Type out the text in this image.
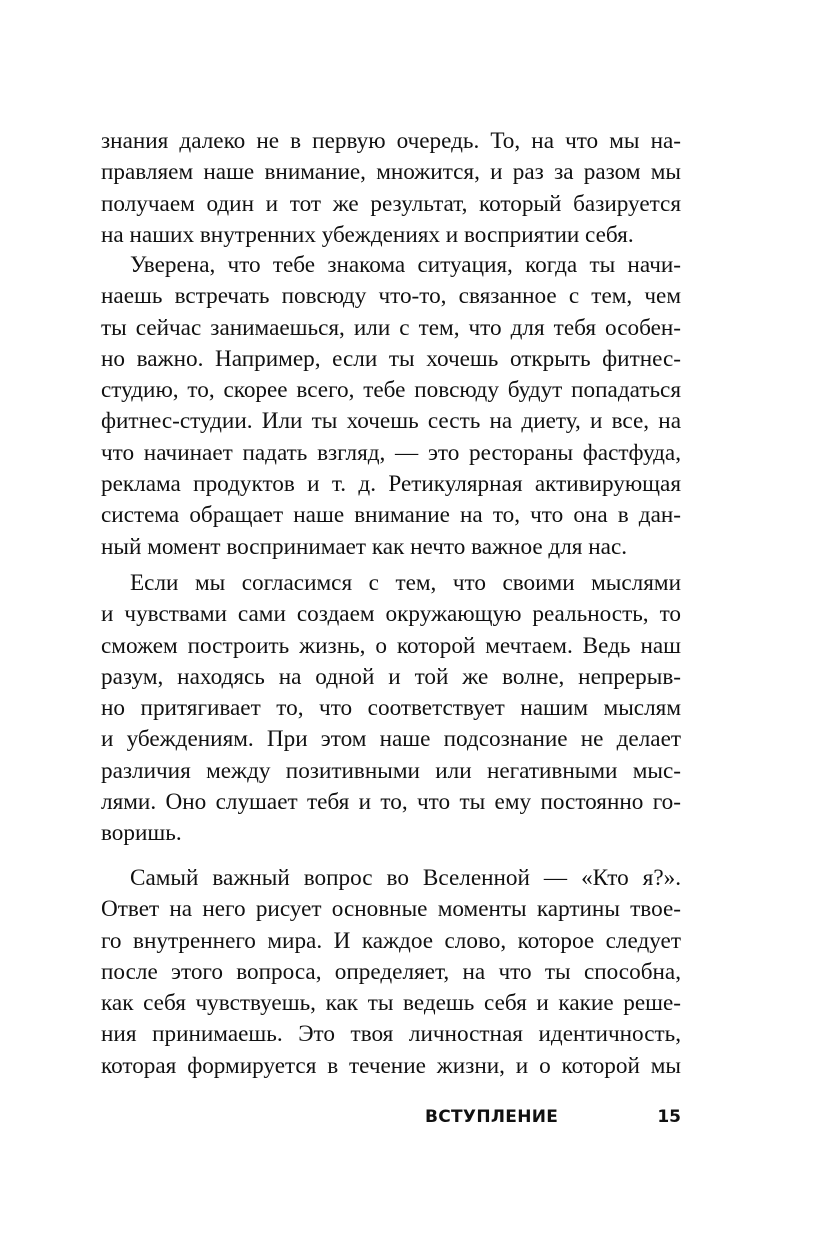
знания далеко не в первую очередь. То, на что мы на-
правляем наше внимание, множится, и раз за разом мы
получаем один и тот же результат, который базируется
на наших внутренних убеждениях и восприятии себя.
Уверена, что тебе знакома ситуация, когда ты начи-
наешь встречать повсюду что-то, связанное с тем, чем
ты сейчас занимаешься, или с тем, что для тебя особен-
но важно. Например, если ты хочешь открыть фитнес-
студию, то, скорее всего, тебе повсюду будут попадаться
фитнес-студии. Или ты хочешь сесть на диету, и все, на
что начинает падать взгляд, — это рестораны фастфуда,
реклама продуктов и т. д. Ретикулярная активирующая
система обращает наше внимание на то, что она в дан-
ный момент воспринимает как нечто важное для нас.
Если мы согласимся с тем, что своими мыслями
и чувствами сами создаем окружающую реальность, то
сможем построить жизнь, о которой мечтаем. Ведь наш
разум, находясь на одной и той же волне, непрерыв-
но притягивает то, что соответствует нашим мыслям
и убеждениям. При этом наше подсознание не делает
различия между позитивными или негативными мыс-
лями. Оно слушает тебя и то, что ты ему постоянно го-
воришь.
Самый важный вопрос во Вселенной — «Кто я?».
Ответ на него рисует основные моменты картины твое-
го внутреннего мира. И каждое слово, которое следует
после этого вопроса, определяет, на что ты способна,
как себя чувствуешь, как ты ведешь себя и какие реше-
ния принимаешь. Это твоя личностная идентичность,
которая формируется в течение жизни, и о которой мы
ВСТУПЛЕНИЕ	15
